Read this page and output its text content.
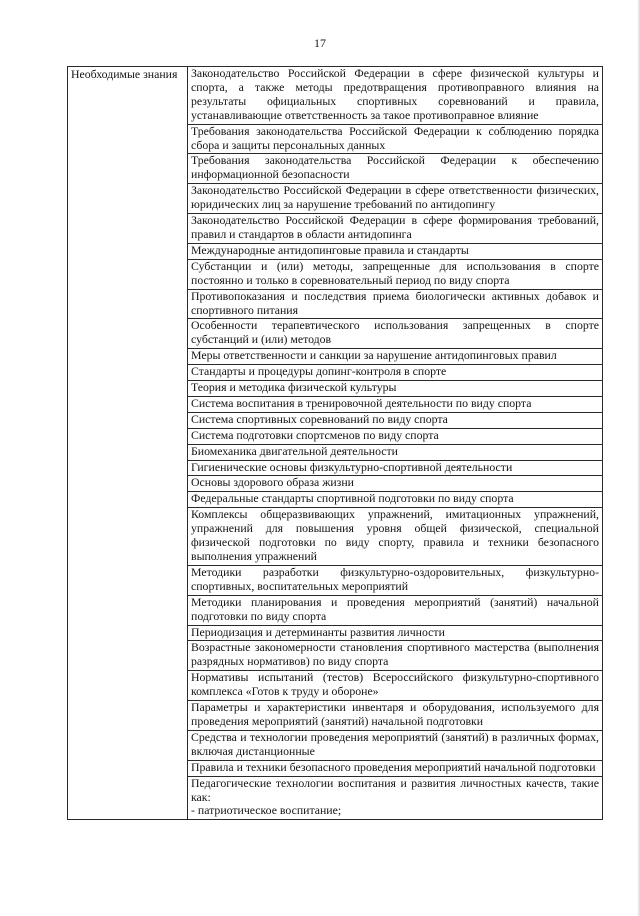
17
Необходимые знания	Законодательство Российской Федерации в сфере физической культуры и спорта, а также методы предотвращения противоправного влияния на результаты официальных спортивных соревнований и правила, устанавливающие ответственность за такое противоправное влияние
Требования законодательства Российской Федерации к соблюдению порядка сбора и защиты персональных данных
Требования законодательства Российской Федерации к обеспечению информационной безопасности
Законодательство Российской Федерации в сфере ответственности физических, юридических лиц за нарушение требований по антидопингу
Законодательство Российской Федерации в сфере формирования требований, правил и стандартов в области антидопинга
Международные антидопинговые правила и стандарты
Субстанции и (или) методы, запрещенные для использования в спорте постоянно и только в соревновательный период по виду спорта
Противопоказания и последствия приема биологически активных добавок и спортивного питания
Особенности терапевтического использования запрещенных в спорте субстанций и (или) методов
Меры ответственности и санкции за нарушение антидопинговых правил
Стандарты и процедуры допинг-контроля в спорте
Теория и методика физической культуры
Система воспитания в тренировочной деятельности по виду спорта
Система спортивных соревнований по виду спорта
Система подготовки спортсменов по виду спорта
Биомеханика двигательной деятельности
Гигиенические основы физкультурно-спортивной деятельности
Основы здорового образа жизни
Федеральные стандарты спортивной подготовки по виду спорта
Комплексы общеразвивающих упражнений, имитационных упражнений, упражнений для повышения уровня общей физической, специальной физической подготовки по виду спорту, правила и техники безопасного выполнения упражнений
Методики разработки физкультурно-оздоровительных, физкультурно-спортивных, воспитательных мероприятий
Методики планирования и проведения мероприятий (занятий) начальной подготовки по виду спорта
Периодизация и детерминанты развития личности
Возрастные закономерности становления спортивного мастерства (выполнения разрядных нормативов) по виду спорта
Нормативы испытаний (тестов) Всероссийского физкультурно-спортивного комплекса «Готов к труду и обороне»
Параметры и характеристики инвентаря и оборудования, используемого для проведения мероприятий (занятий) начальной подготовки
Средства и технологии проведения мероприятий (занятий) в различных формах, включая дистанционные
Правила и техники безопасного проведения мероприятий начальной подготовки
Педагогические технологии воспитания и развития личностных качеств, такие как:
- патриотическое воспитание;
